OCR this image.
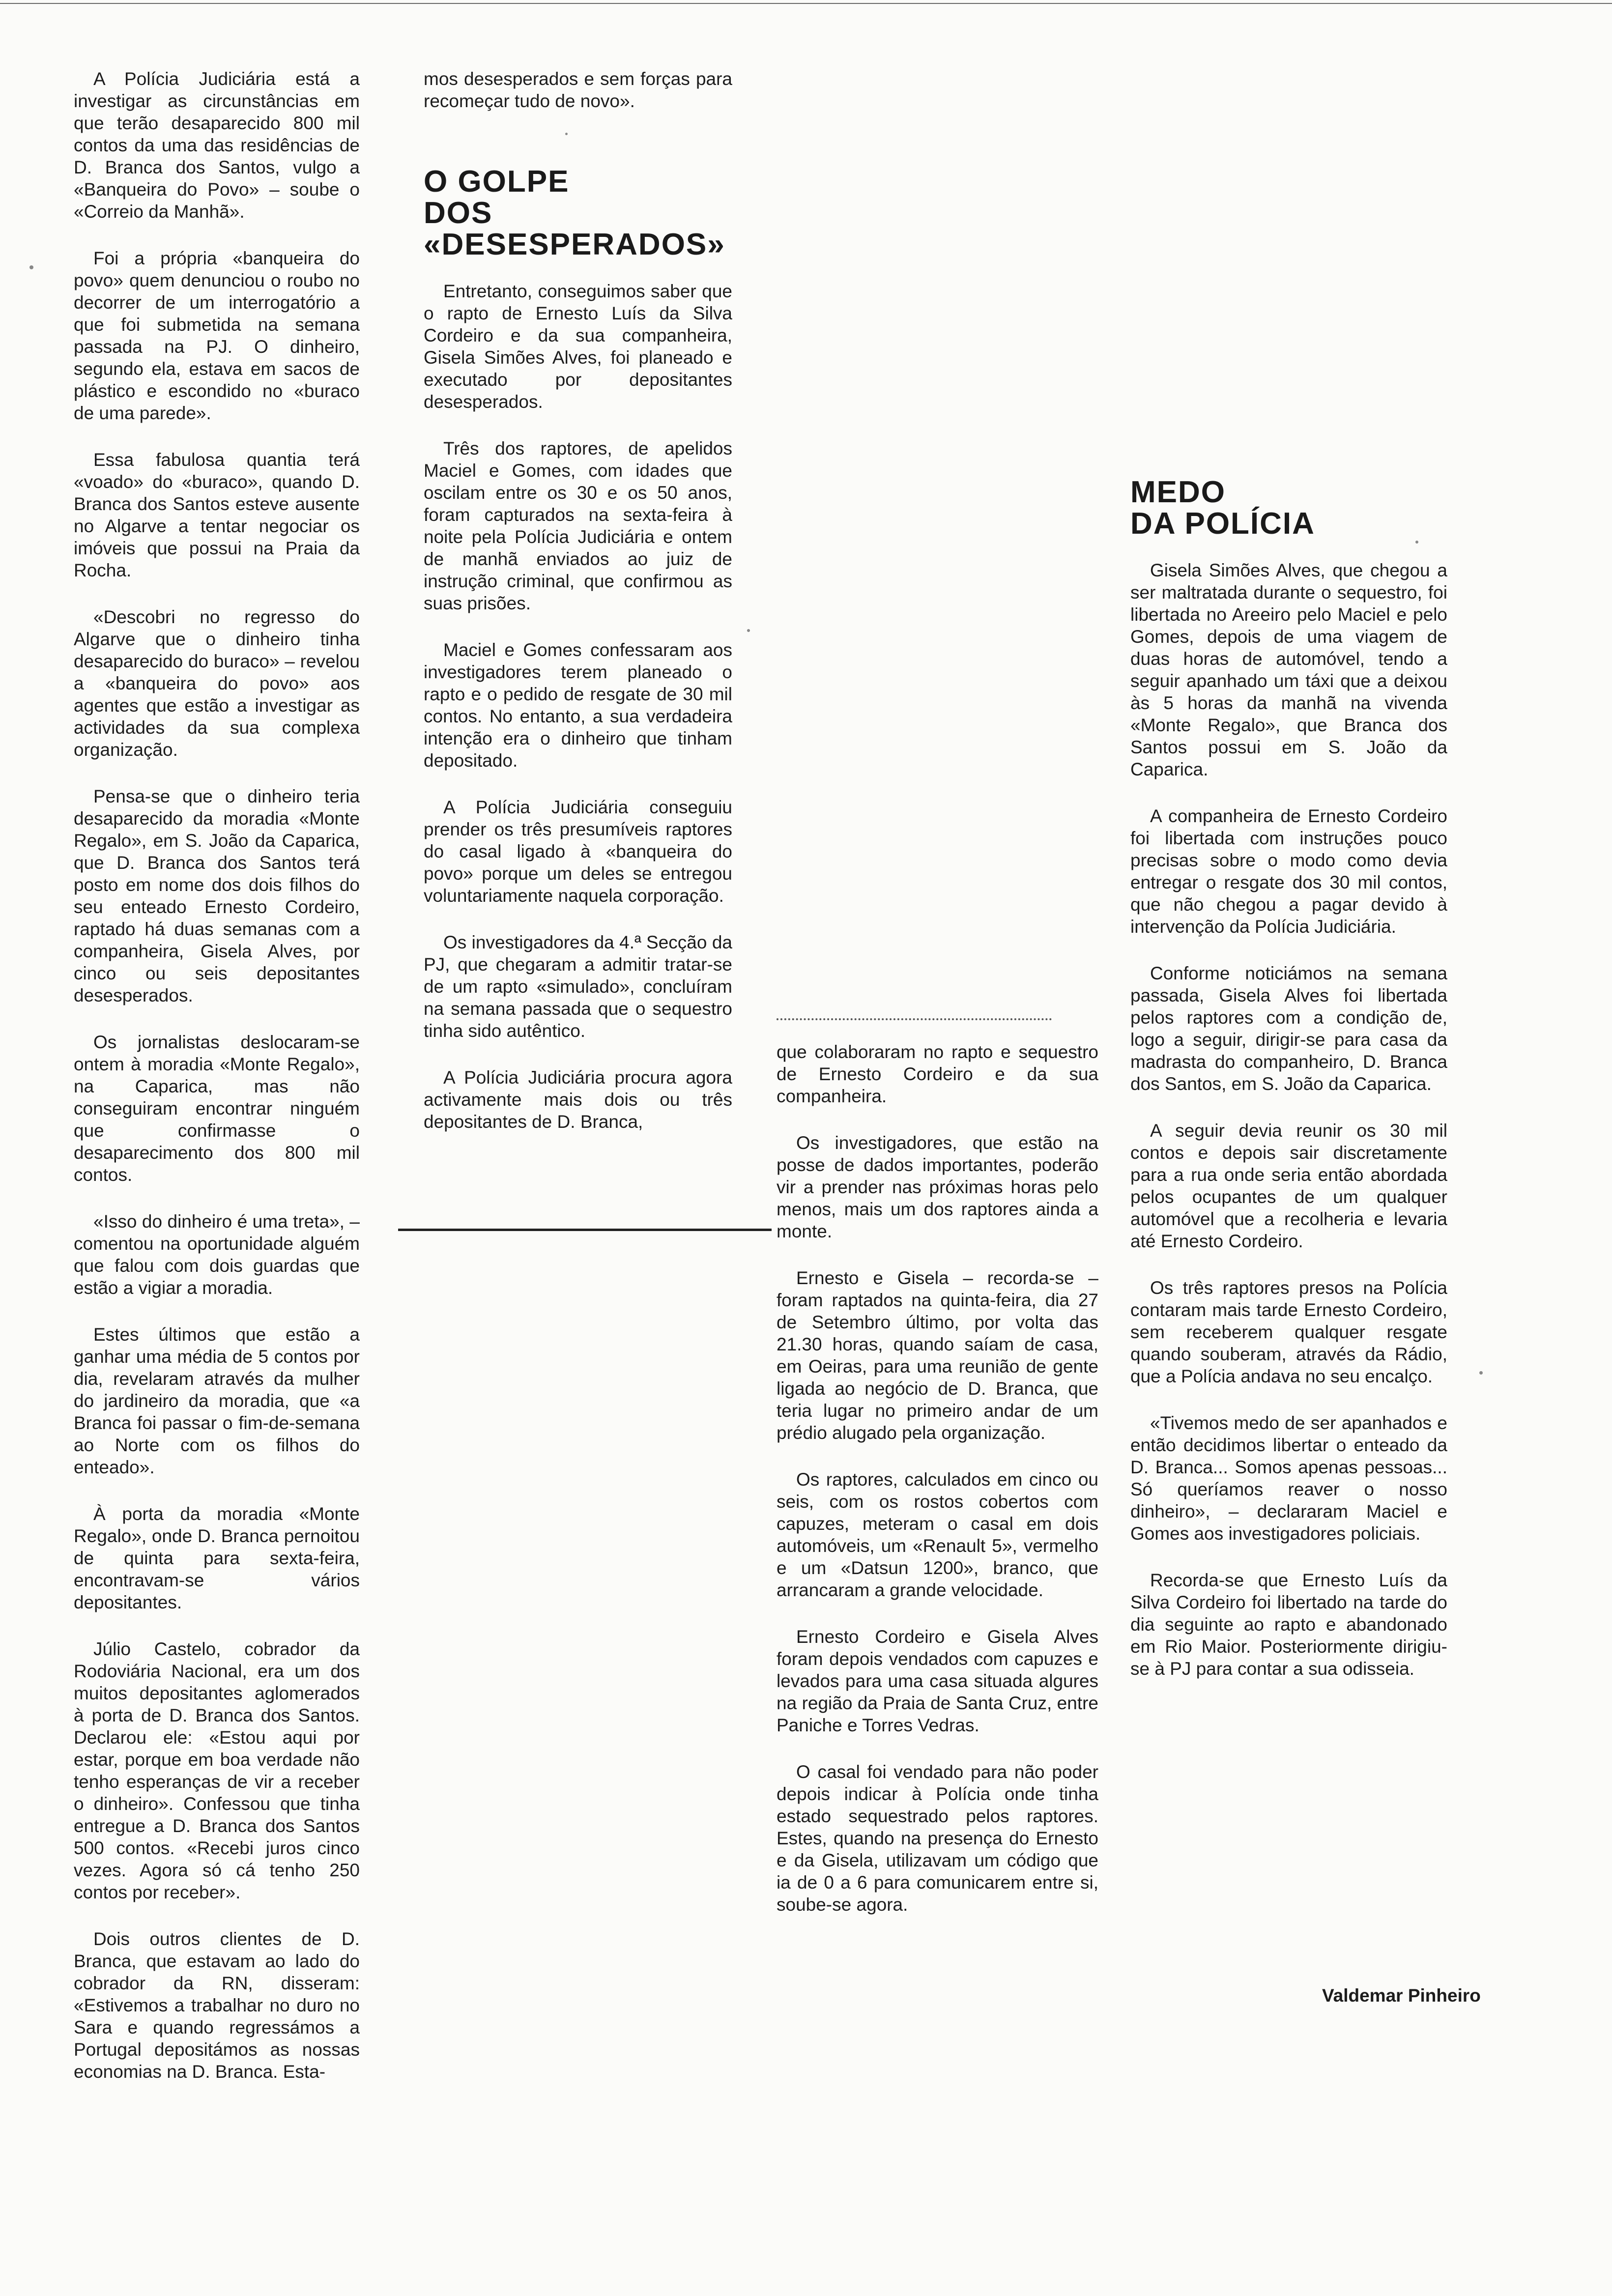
A Polícia Judiciária está a investigar as circunstâncias em que terão desaparecido 800 mil contos da uma das residências de D. Branca dos Santos, vulgo a «Banqueira do Povo» – soube o «Correio da Manhã».

Foi a própria «banqueira do povo» quem denunciou o roubo no decorrer de um interrogatório a que foi submetida na semana passada na PJ. O dinheiro, segundo ela, estava em sacos de plástico e escondido no «buraco de uma parede».

Essa fabulosa quantia terá «voado» do «buraco», quando D. Branca dos Santos esteve ausente no Algarve a tentar negociar os imóveis que possui na Praia da Rocha.

«Descobri no regresso do Algarve que o dinheiro tinha desaparecido do buraco» – revelou a «banqueira do povo» aos agentes que estão a investigar as actividades da sua complexa organização.

Pensa-se que o dinheiro teria desaparecido da moradia «Monte Regalo», em S. João da Caparica, que D. Branca dos Santos terá posto em nome dos dois filhos do seu enteado Ernesto Cordeiro, raptado há duas semanas com a companheira, Gisela Alves, por cinco ou seis depositantes desesperados.

Os jornalistas deslocaram-se ontem à moradia «Monte Regalo», na Caparica, mas não conseguiram encontrar ninguém que confirmasse o desaparecimento dos 800 mil contos.

«Isso do dinheiro é uma treta», – comentou na oportunidade alguém que falou com dois guardas que estão a vigiar a moradia.

Estes últimos que estão a ganhar uma média de 5 contos por dia, revelaram através da mulher do jardineiro da moradia, que «a Branca foi passar o fim-de-semana ao Norte com os filhos do enteado».

À porta da moradia «Monte Regalo», onde D. Branca pernoitou de quinta para sexta-feira, encontravam-se vários depositantes.

Júlio Castelo, cobrador da Rodoviária Nacional, era um dos muitos depositantes aglomerados à porta de D. Branca dos Santos. Declarou ele: «Estou aqui por estar, porque em boa verdade não tenho esperanças de vir a receber o dinheiro». Confessou que tinha entregue a D. Branca dos Santos 500 contos. «Recebi juros cinco vezes. Agora só cá tenho 250 contos por receber».

Dois outros clientes de D. Branca, que estavam ao lado do cobrador da RN, disseram: «Estivemos a trabalhar no duro no Sara e quando regressámos a Portugal depositámos as nossas economias na D. Branca. Esta-

mos desesperados e sem forças para recomeçar tudo de novo».

O GOLPE
DOS
«DESESPERADOS»

Entretanto, conseguimos saber que o rapto de Ernesto Luís da Silva Cordeiro e da sua companheira, Gisela Simões Alves, foi planeado e executado por depositantes desesperados.

Três dos raptores, de apelidos Maciel e Gomes, com idades que oscilam entre os 30 e os 50 anos, foram capturados na sexta-feira à noite pela Polícia Judiciária e ontem de manhã enviados ao juiz de instrução criminal, que confirmou as suas prisões.

Maciel e Gomes confessaram aos investigadores terem planeado o rapto e o pedido de resgate de 30 mil contos. No entanto, a sua verdadeira intenção era o dinheiro que tinham depositado.

A Polícia Judiciária conseguiu prender os três presumíveis raptores do casal ligado à «banqueira do povo» porque um deles se entregou voluntariamente naquela corporação.

Os investigadores da 4.ª Secção da PJ, que chegaram a admitir tratar-se de um rapto «simulado», concluíram na semana passada que o sequestro tinha sido autêntico.

A Polícia Judiciária procura agora activamente mais dois ou três depositantes de D. Branca,

que colaboraram no rapto e sequestro de Ernesto Cordeiro e da sua companheira.

Os investigadores, que estão na posse de dados importantes, poderão vir a prender nas próximas horas pelo menos, mais um dos raptores ainda a monte.

Ernesto e Gisela – recorda-se – foram raptados na quinta-feira, dia 27 de Setembro último, por volta das 21.30 horas, quando saíam de casa, em Oeiras, para uma reunião de gente ligada ao negócio de D. Branca, que teria lugar no primeiro andar de um prédio alugado pela organização.

Os raptores, calculados em cinco ou seis, com os rostos cobertos com capuzes, meteram o casal em dois automóveis, um «Renault 5», vermelho e um «Datsun 1200», branco, que arrancaram a grande velocidade.

Ernesto Cordeiro e Gisela Alves foram depois vendados com capuzes e levados para uma casa situada algures na região da Praia de Santa Cruz, entre Paniche e Torres Vedras.

O casal foi vendado para não poder depois indicar à Polícia onde tinha estado sequestrado pelos raptores. Estes, quando na presença do Ernesto e da Gisela, utilizavam um código que ia de 0 a 6 para comunicarem entre si, soube-se agora.

MEDO
DA POLÍCIA

Gisela Simões Alves, que chegou a ser maltratada durante o sequestro, foi libertada no Areeiro pelo Maciel e pelo Gomes, depois de uma viagem de duas horas de automóvel, tendo a seguir apanhado um táxi que a deixou às 5 horas da manhã na vivenda «Monte Regalo», que Branca dos Santos possui em S. João da Caparica.

A companheira de Ernesto Cordeiro foi libertada com instruções pouco precisas sobre o modo como devia entregar o resgate dos 30 mil contos, que não chegou a pagar devido à intervenção da Polícia Judiciária.

Conforme noticiámos na semana passada, Gisela Alves foi libertada pelos raptores com a condição de, logo a seguir, dirigir-se para casa da madrasta do companheiro, D. Branca dos Santos, em S. João da Caparica.

A seguir devia reunir os 30 mil contos e depois sair discretamente para a rua onde seria então abordada pelos ocupantes de um qualquer automóvel que a recolheria e levaria até Ernesto Cordeiro.

Os três raptores presos na Polícia contaram mais tarde Ernesto Cordeiro, sem receberem qualquer resgate quando souberam, através da Rádio, que a Polícia andava no seu encalço.

«Tivemos medo de ser apanhados e então decidimos libertar o enteado da D. Branca... Somos apenas pessoas... Só queríamos reaver o nosso dinheiro», – declararam Maciel e Gomes aos investigadores policiais.

Recorda-se que Ernesto Luís da Silva Cordeiro foi libertado na tarde do dia seguinte ao rapto e abandonado em Rio Maior. Posteriormente dirigiu-se à PJ para contar a sua odisseia.

Valdemar Pinheiro
